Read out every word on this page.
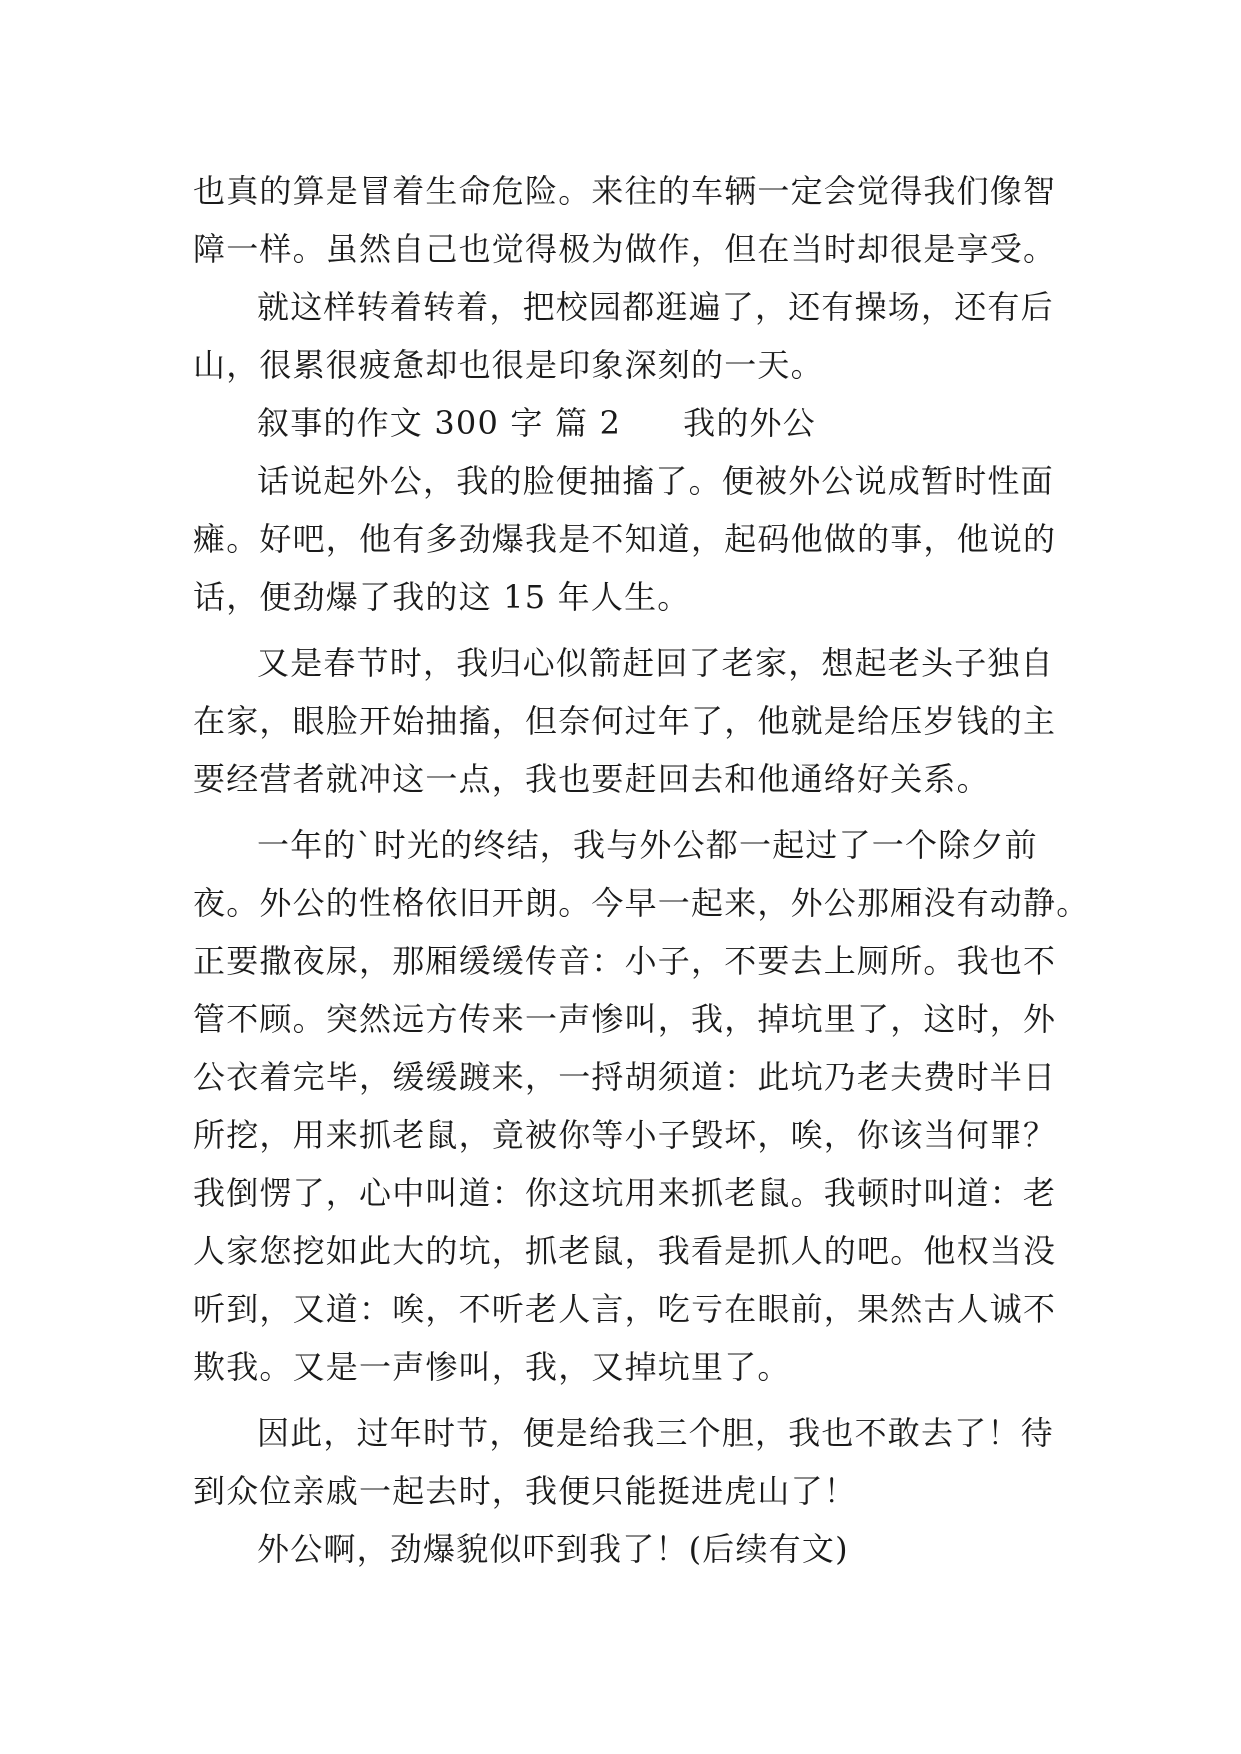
也真的算是冒着生命危险。来往的车辆一定会觉得我们像智
障一样。虽然自己也觉得极为做作，但在当时却很是享受。
就这样转着转着，把校园都逛遍了，还有操场，还有后
山，很累很疲惫却也很是印象深刻的一天。
叙事的作文 300 字 篇 2 我的外公
话说起外公，我的脸便抽搐了。便被外公说成暂时性面
瘫。好吧，他有多劲爆我是不知道，起码他做的事，他说的
话，便劲爆了我的这 15 年人生。
又是春节时，我归心似箭赶回了老家，想起老头子独自
在家，眼脸开始抽搐，但奈何过年了，他就是给压岁钱的主
要经营者就冲这一点，我也要赶回去和他通络好关系。
一年的`时光的终结，我与外公都一起过了一个除夕前
夜。外公的性格依旧开朗。今早一起来，外公那厢没有动静。
正要撒夜尿，那厢缓缓传音：小子，不要去上厕所。我也不
管不顾。突然远方传来一声惨叫，我，掉坑里了，这时，外
公衣着完毕，缓缓踱来，一捋胡须道：此坑乃老夫费时半日
所挖，用来抓老鼠，竟被你等小子毁坏，唉，你该当何罪？
我倒愣了，心中叫道：你这坑用来抓老鼠。我顿时叫道：老
人家您挖如此大的坑，抓老鼠，我看是抓人的吧。他权当没
听到，又道：唉，不听老人言，吃亏在眼前，果然古人诚不
欺我。又是一声惨叫，我，又掉坑里了。
因此，过年时节，便是给我三个胆，我也不敢去了！待
到众位亲戚一起去时，我便只能挺进虎山了！
外公啊，劲爆貌似吓到我了！(后续有文)
